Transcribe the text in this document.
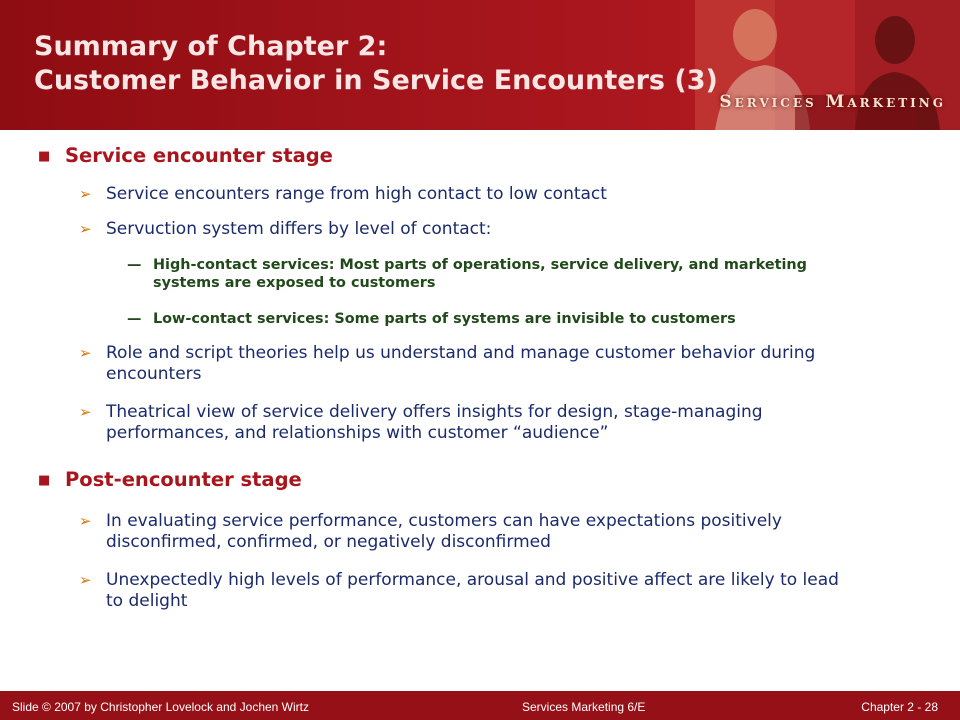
Summary of Chapter 2:
Customer Behavior in Service Encounters (3)
Services Marketing
■ Service encounter stage
➢ Service encounters range from high contact to low contact
➢ Servuction system differs by level of contact:
— High-contact services: Most parts of operations, service delivery, and marketing systems are exposed to customers
— Low-contact services: Some parts of systems are invisible to customers
➢ Role and script theories help us understand and manage customer behavior during encounters
➢ Theatrical view of service delivery offers insights for design, stage-managing performances, and relationships with customer “audience”
■ Post-encounter stage
➢ In evaluating service performance, customers can have expectations positively disconfirmed, confirmed, or negatively disconfirmed
➢ Unexpectedly high levels of performance, arousal and positive affect are likely to lead to delight
Slide © 2007 by Christopher Lovelock and Jochen Wirtz	Services Marketing 6/E	Chapter 2 - 28
